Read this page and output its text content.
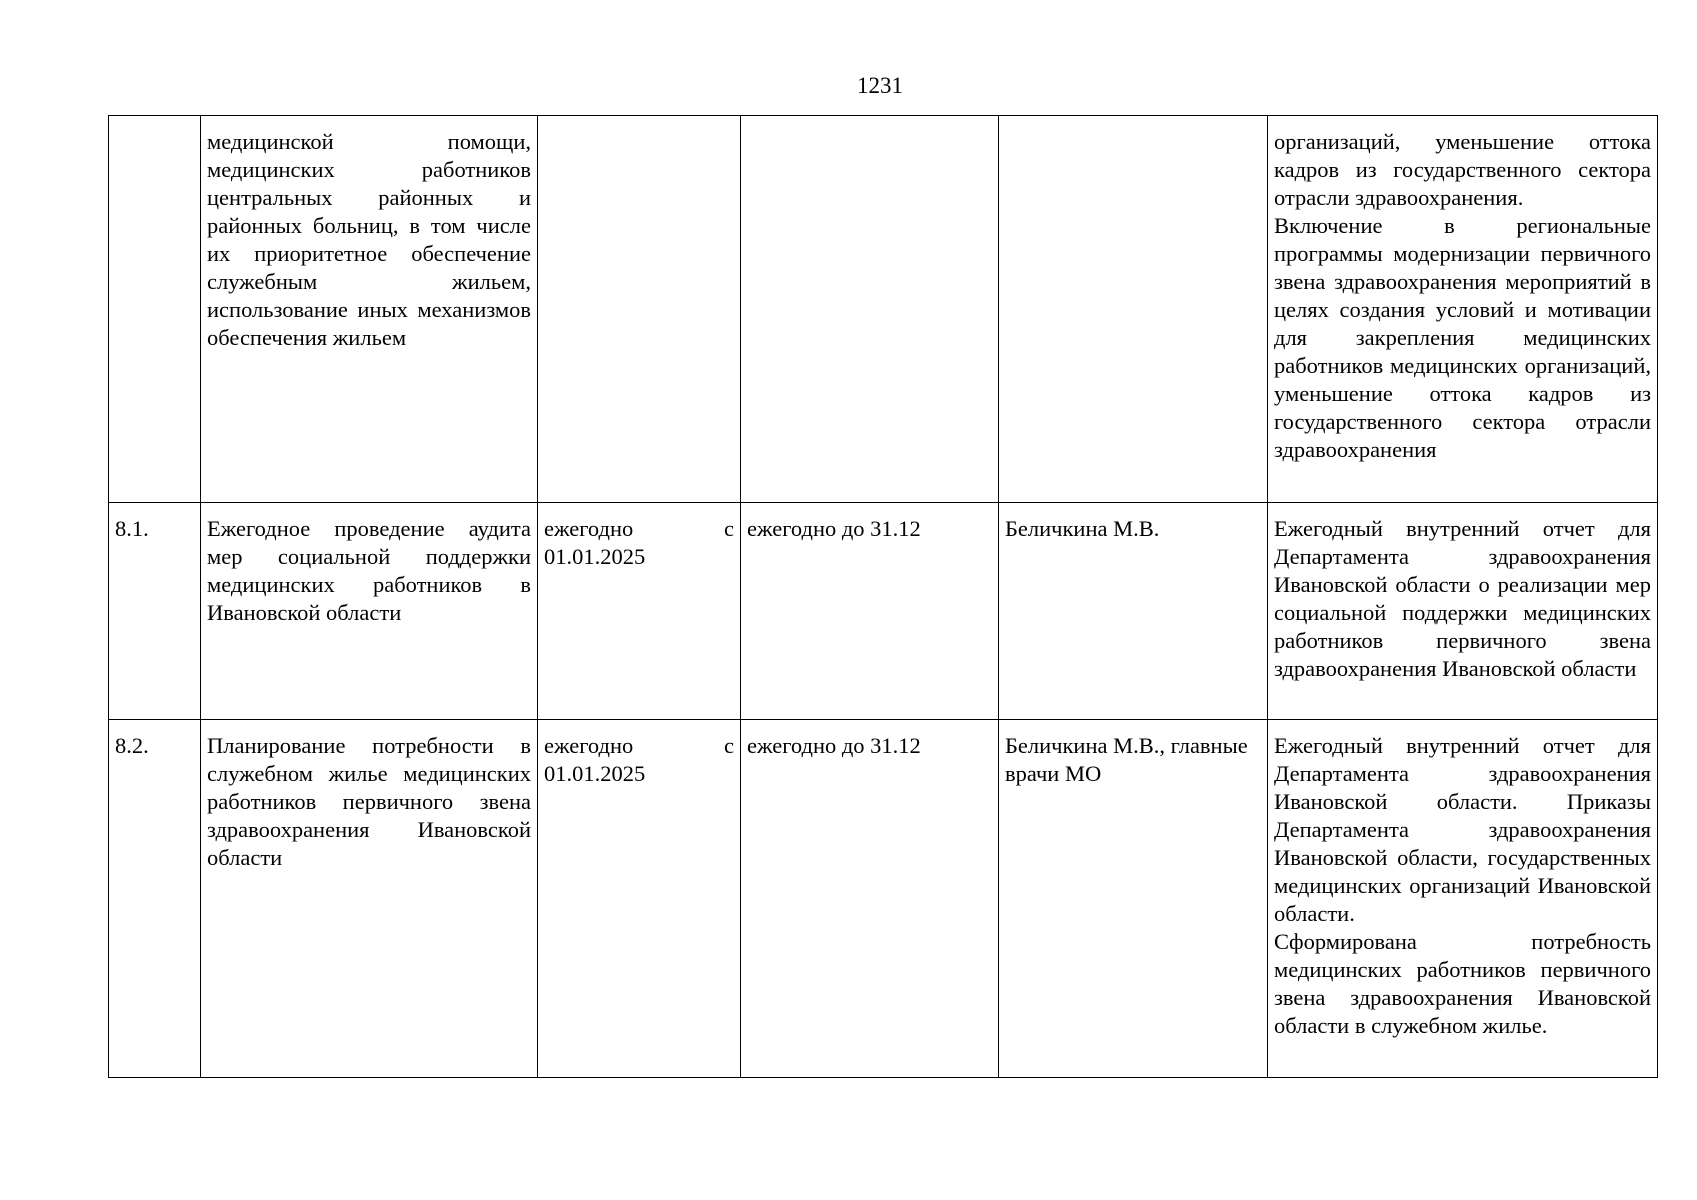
1231
	медицинской помощи, медицинских работников центральных районных и районных больниц, в том числе их приоритетное обеспечение служебным жильем, использование иных механизмов обеспечения жильем				организаций, уменьшение оттока кадров из государственного сектора отрасли здравоохранения.
Включение в региональные программы модернизации первичного звена здравоохранения мероприятий в целях создания условий и мотивации для закрепления медицинских работников медицинских организаций, уменьшение оттока кадров из государственного сектора отрасли здравоохранения

8.1.	Ежегодное проведение аудита мер социальной поддержки медицинских работников в Ивановской области	ежегодно с 01.01.2025	ежегодно до 31.12	Беличкина М.В.	Ежегодный внутренний отчет для Департамента здравоохранения Ивановской области о реализации мер социальной поддержки медицинских работников первичного звена здравоохранения Ивановской области

8.2.	Планирование потребности в служебном жилье медицинских работников первичного звена здравоохранения Ивановской области	ежегодно с 01.01.2025	ежегодно до 31.12	Беличкина М.В., главные врачи МО	Ежегодный внутренний отчет для Департамента здравоохранения Ивановской области. Приказы Департамента здравоохранения Ивановской области, государственных медицинских организаций Ивановской области.
Сформирована потребность медицинских работников первичного звена здравоохранения Ивановской области в служебном жилье.
